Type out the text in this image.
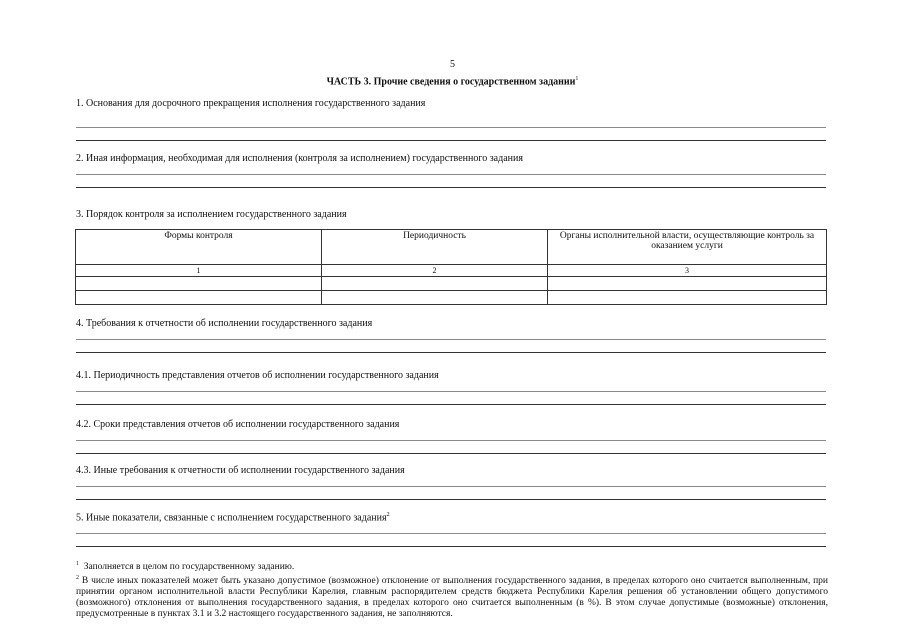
5
ЧАСТЬ 3. Прочие сведения о государственном задании$^1$
1. Основания для досрочного прекращения исполнения государственного задания
2. Иная информация, необходимая для исполнения (контроля за исполнением) государственного задания
3. Порядок контроля за исполнением государственного задания
Формы контроля	Периодичность	Органы исполнительной власти, осуществляющие контроль за оказанием услуги
1	2	3

4. Требования к отчетности об исполнении государственного задания
4.1. Периодичность представления отчетов об исполнении государственного задания
4.2. Сроки представления отчетов об исполнении государственного задания
4.3. Иные требования к отчетности об исполнении государственного задания
5. Иные показатели, связанные с исполнением государственного задания$^2$

$^1$ Заполняется в целом по государственному заданию.

$^2$ В числе иных показателей может быть указано допустимое (возможное) отклонение от выполнения государственного задания, в пределах которого оно считается выполненным, при принятии органом исполнительной власти Республики Карелия, главным распорядителем средств бюджета Республики Карелия решения об установлении общего допустимого (возможного) отклонения от выполнения государственного задания, в пределах которого оно считается выполненным (в %). В этом случае допустимые (возможные) отклонения, предусмотренные в пунктах 3.1 и 3.2 настоящего государственного задания, не заполняются.
